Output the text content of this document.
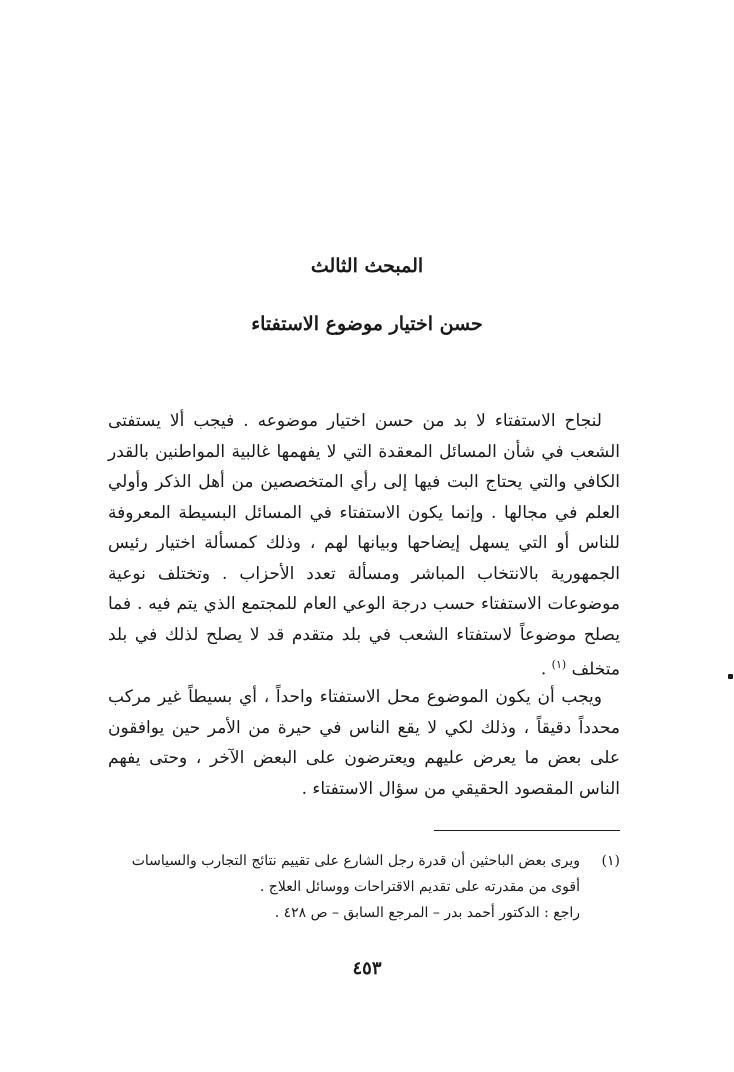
المبحث الثالث
حسن اختيار موضوع الاستفتاء

لنجاح الاستفتاء لا بد من حسن اختيار موضوعه . فيجب ألا يستفتى الشعب في شأن المسائل المعقدة التي لا يفهمها غالبية المواطنين بالقدر الكافي والتي يحتاج البت فيها إلى رأي المتخصصين من أهل الذكر وأولي العلم في مجالها . وإنما يكون الاستفتاء في المسائل البسيطة المعروفة للناس أو التي يسهل إيضاحها وبيانها لهم ، وذلك كمسألة اختيار رئيس الجمهورية بالانتخاب المباشر ومسألة تعدد الأحزاب . وتختلف نوعية موضوعات الاستفتاء حسب درجة الوعي العام للمجتمع الذي يتم فيه . فما يصلح موضوعاً لاستفتاء الشعب في بلد متقدم قد لا يصلح لذلك في بلد متخلف $^{(١)}$ .

ويجب أن يكون الموضوع محل الاستفتاء واحداً ، أي بسيطاً غير مركب محدداً دقيقاً ، وذلك لكي لا يقع الناس في حيرة من الأمر حين يوافقون على بعض ما يعرض عليهم ويعترضون على البعض الآخر ، وحتى يفهم الناس المقصود الحقيقي من سؤال الاستفتاء .

(١)
ويرى بعض الباحثين أن قدرة رجل الشارع على تقييم نتائج التجارب والسياسات
أقوى من مقدرته على تقديم الاقتراحات ووسائل العلاج .
راجع : الدكتور أحمد بدر – المرجع السابق – ص ٤٢٨ .
٤٥٣
